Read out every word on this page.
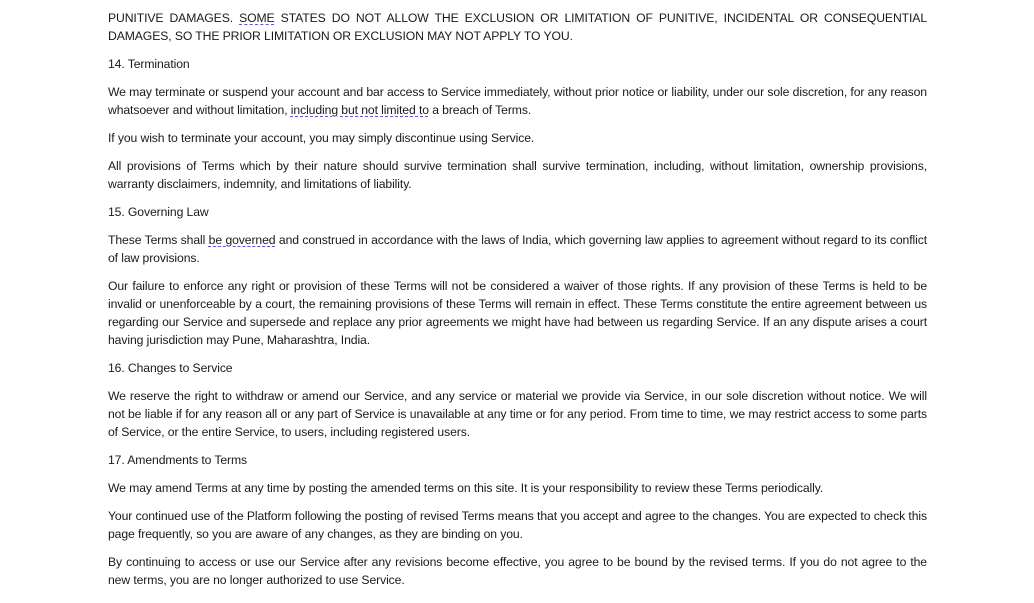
PUNITIVE DAMAGES. SOME STATES DO NOT ALLOW THE EXCLUSION OR LIMITATION OF PUNITIVE, INCIDENTAL OR CONSEQUENTIAL DAMAGES, SO THE PRIOR LIMITATION OR EXCLUSION MAY NOT APPLY TO YOU.

14. Termination

We may terminate or suspend your account and bar access to Service immediately, without prior notice or liability, under our sole discretion, for any reason whatsoever and without limitation, including but not limited to a breach of Terms.

If you wish to terminate your account, you may simply discontinue using Service.

All provisions of Terms which by their nature should survive termination shall survive termination, including, without limitation, ownership provisions, warranty disclaimers, indemnity, and limitations of liability.

15. Governing Law

These Terms shall be governed and construed in accordance with the laws of India, which governing law applies to agreement without regard to its conflict of law provisions.

Our failure to enforce any right or provision of these Terms will not be considered a waiver of those rights. If any provision of these Terms is held to be invalid or unenforceable by a court, the remaining provisions of these Terms will remain in effect. These Terms constitute the entire agreement between us regarding our Service and supersede and replace any prior agreements we might have had between us regarding Service. If an any dispute arises a court having jurisdiction may Pune, Maharashtra, India.

16. Changes to Service

We reserve the right to withdraw or amend our Service, and any service or material we provide via Service, in our sole discretion without notice. We will not be liable if for any reason all or any part of Service is unavailable at any time or for any period. From time to time, we may restrict access to some parts of Service, or the entire Service, to users, including registered users.

17. Amendments to Terms

We may amend Terms at any time by posting the amended terms on this site. It is your responsibility to review these Terms periodically.

Your continued use of the Platform following the posting of revised Terms means that you accept and agree to the changes. You are expected to check this page frequently, so you are aware of any changes, as they are binding on you.

By continuing to access or use our Service after any revisions become effective, you agree to be bound by the revised terms. If you do not agree to the new terms, you are no longer authorized to use Service.
